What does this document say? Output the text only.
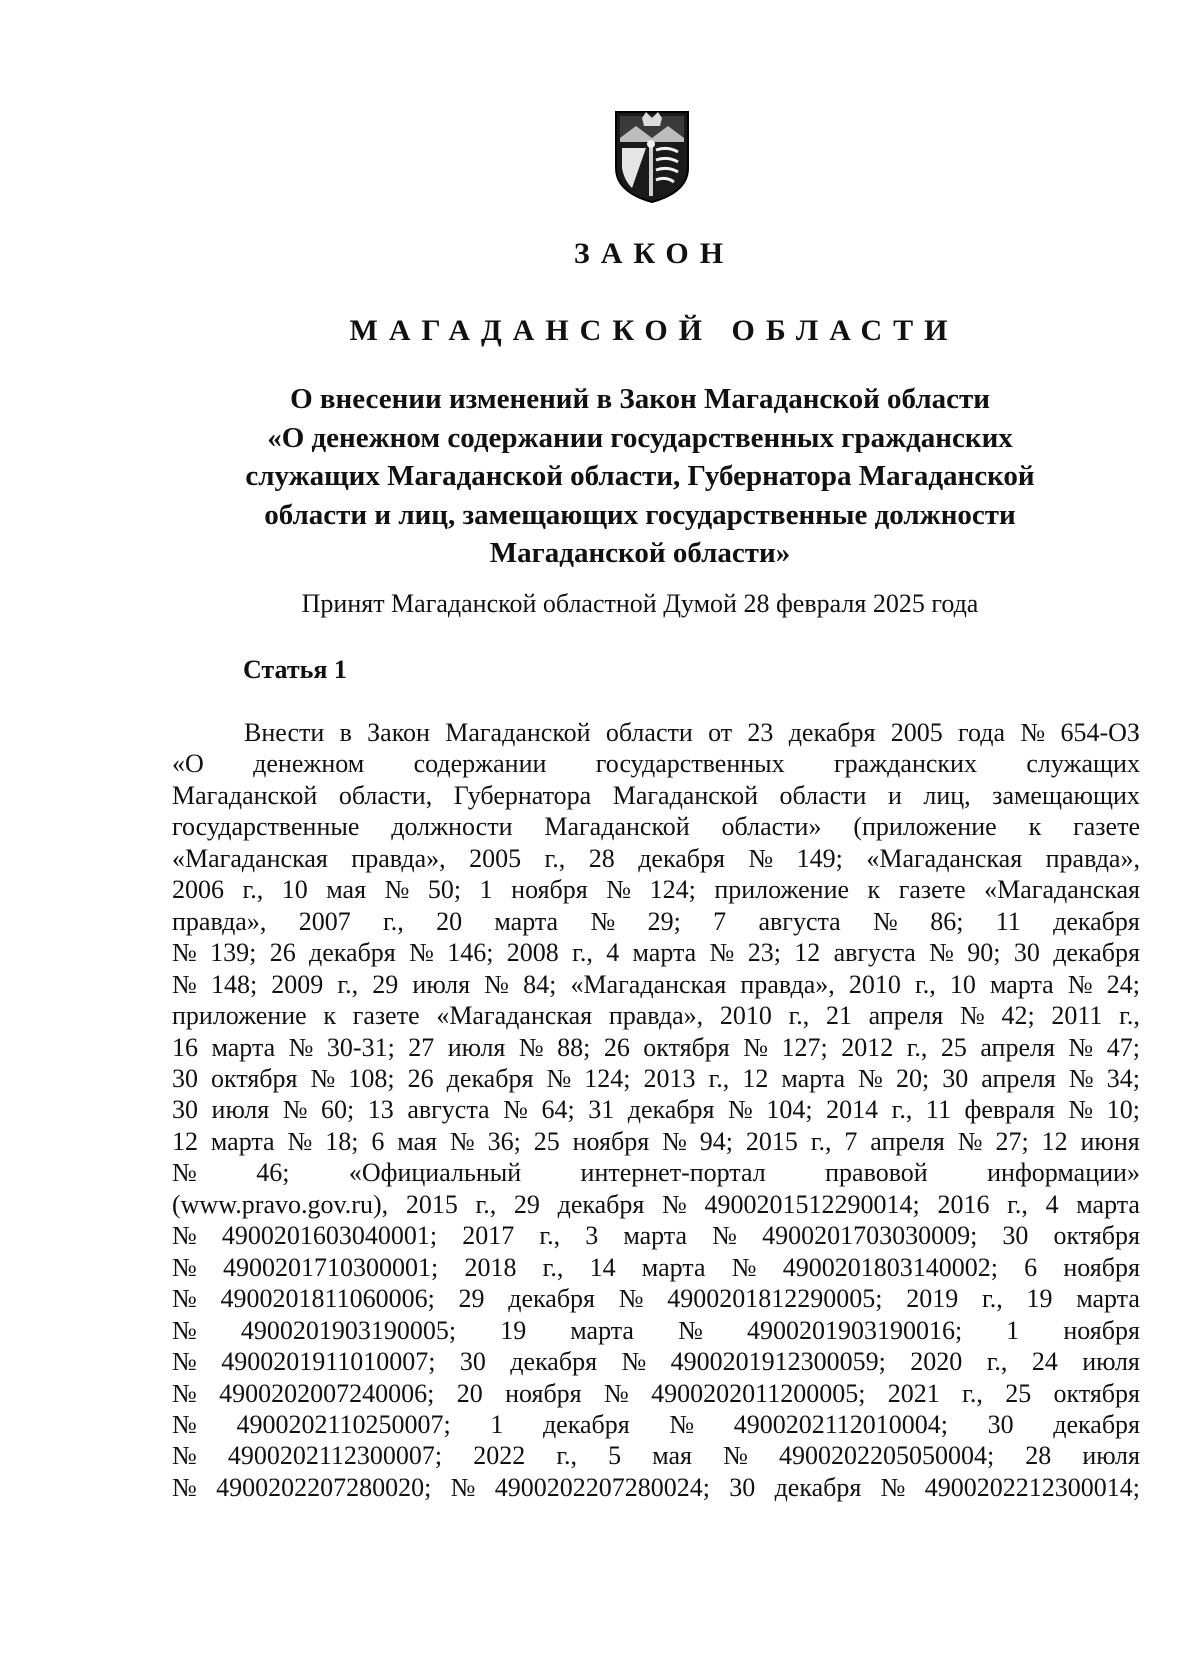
ЗАКОН
МАГАДАНСКОЙ ОБЛАСТИ
О внесении изменений в Закон Магаданской области
«О денежном содержании государственных гражданских
служащих Магаданской области, Губернатора Магаданской
области и лиц, замещающих государственные должности
Магаданской области»
Принят Магаданской областной Думой 28 февраля 2025 года
Статья 1
Внести в Закон Магаданской области от 23 декабря 2005 года № 654-ОЗ
«О денежном содержании государственных гражданских служащих
Магаданской области, Губернатора Магаданской области и лиц, замещающих
государственные должности Магаданской области» (приложение к газете
«Магаданская правда», 2005 г., 28 декабря № 149; «Магаданская правда»,
2006 г., 10 мая № 50; 1 ноября № 124; приложение к газете «Магаданская
правда», 2007 г., 20 марта № 29; 7 августа № 86; 11 декабря
№ 139; 26 декабря № 146; 2008 г., 4 марта № 23; 12 августа № 90; 30 декабря
№ 148; 2009 г., 29 июля № 84; «Магаданская правда», 2010 г., 10 марта № 24;
приложение к газете «Магаданская правда», 2010 г., 21 апреля № 42; 2011 г.,
16 марта № 30-31; 27 июля № 88; 26 октября № 127; 2012 г., 25 апреля № 47;
30 октября № 108; 26 декабря № 124; 2013 г., 12 марта № 20; 30 апреля № 34;
30 июля № 60; 13 августа № 64; 31 декабря № 104; 2014 г., 11 февраля № 10;
12 марта № 18; 6 мая № 36; 25 ноября № 94; 2015 г., 7 апреля № 27; 12 июня
№ 46; «Официальный интернет-портал правовой информации»
(www.pravo.gov.ru), 2015 г., 29 декабря № 4900201512290014; 2016 г., 4 марта
№ 4900201603040001; 2017 г., 3 марта № 4900201703030009; 30 октября
№ 4900201710300001; 2018 г., 14 марта № 4900201803140002; 6 ноября
№ 4900201811060006; 29 декабря № 4900201812290005; 2019 г., 19 марта
№ 4900201903190005; 19 марта № 4900201903190016; 1 ноября
№ 4900201911010007; 30 декабря № 4900201912300059; 2020 г., 24 июля
№ 4900202007240006; 20 ноября № 4900202011200005; 2021 г., 25 октября
№ 4900202110250007; 1 декабря № 4900202112010004; 30 декабря
№ 4900202112300007; 2022 г., 5 мая № 4900202205050004; 28 июля
№ 4900202207280020; № 4900202207280024; 30 декабря № 4900202212300014;
